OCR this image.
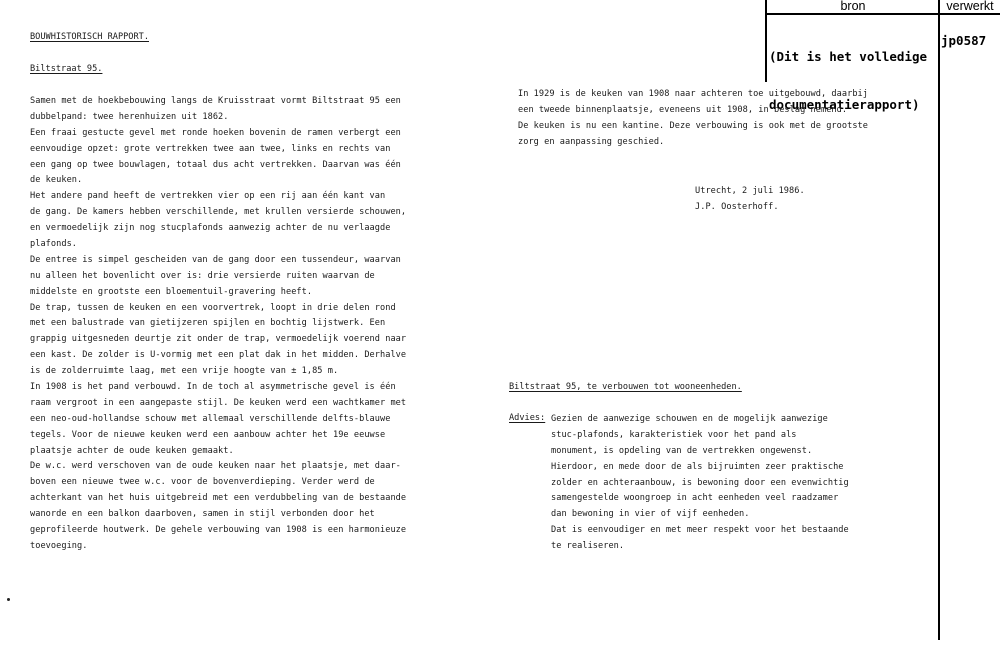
bron	verwerkt

(Dit is het volledige

documentatierapport)

jp0587
BOUWHISTORISCH RAPPORT.
Biltstraat 95.
Samen met de hoekbebouwing langs de Kruisstraat vormt Biltstraat 95 een
dubbelpand: twee herenhuizen uit 1862.
Een fraai gestucte gevel met ronde hoeken bovenin de ramen verbergt een
eenvoudige opzet: grote vertrekken twee aan twee, links en rechts van
een gang op twee bouwlagen, totaal dus acht vertrekken. Daarvan was één
de keuken.
Het andere pand heeft de vertrekken vier op een rij aan één kant van
de gang. De kamers hebben verschillende, met krullen versierde schouwen,
en vermoedelijk zijn nog stucplafonds aanwezig achter de nu verlaagde
plafonds.
De entree is simpel gescheiden van de gang door een tussendeur, waarvan
nu alleen het bovenlicht over is: drie versierde ruiten waarvan de
middelste en grootste een bloementuil-gravering heeft.
De trap, tussen de keuken en een voorvertrek, loopt in drie delen rond
met een balustrade van gietijzeren spijlen en bochtig lijstwerk. Een
grappig uitgesneden deurtje zit onder de trap, vermoedelijk voerend naar
een kast. De zolder is U-vormig met een plat dak in het midden. Derhalve
is de zolderruimte laag, met een vrije hoogte van ± 1,85 m.
In 1908 is het pand verbouwd. In de toch al asymmetrische gevel is één
raam vergroot in een aangepaste stijl. De keuken werd een wachtkamer met
een neo-oud-hollandse schouw met allemaal verschillende delfts-blauwe
tegels. Voor de nieuwe keuken werd een aanbouw achter het 19e eeuwse
plaatsje achter de oude keuken gemaakt.
De w.c. werd verschoven van de oude keuken naar het plaatsje, met daar-
boven een nieuwe twee w.c. voor de bovenverdieping. Verder werd de
achterkant van het huis uitgebreid met een verdubbeling van de bestaande
wanorde en een balkon daarboven, samen in stijl verbonden door het
geprofileerde houtwerk. De gehele verbouwing van 1908 is een harmonieuze
toevoeging.
In 1929 is de keuken van 1908 naar achteren toe uitgebouwd, daarbij
een tweede binnenplaatsje, eveneens uit 1908, in beslag nemend.
De keuken is nu een kantine. Deze verbouwing is ook met de grootste
zorg en aanpassing geschied.
Utrecht, 2 juli 1986.
J.P. Oosterhoff.
Biltstraat 95, te verbouwen tot wooneenheden.
Advies: Gezien de aanwezige schouwen en de mogelijk aanwezige
stuc-plafonds, karakteristiek voor het pand als
monument, is opdeling van de vertrekken ongewenst.
Hierdoor, en mede door de als bijruimten zeer praktische
zolder en achteraanbouw, is bewoning door een evenwichtig
samengestelde woongroep in acht eenheden veel raadzamer
dan bewoning in vier of vijf eenheden.
Dat is eenvoudiger en met meer respekt voor het bestaande
te realiseren.
